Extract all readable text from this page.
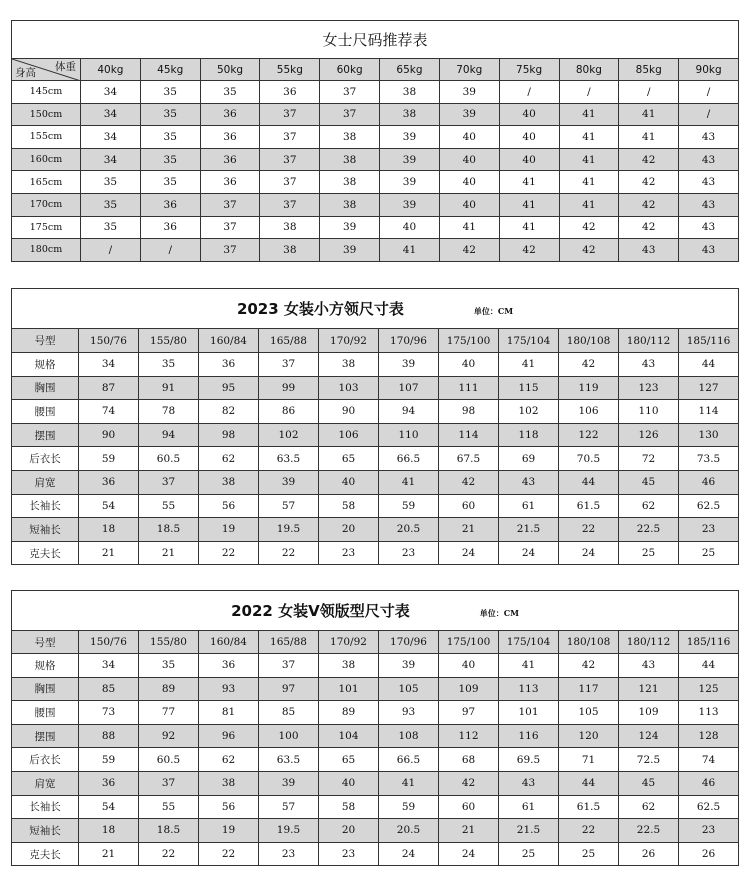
女士尺码推荐表											

体重
身高	40kg	45kg	50kg	55kg	60kg	65kg	70kg	75kg	80kg	85kg	90kg
145cm	34	35	35	36	37	38	39	/	/	/	/
150cm	34	35	36	37	37	38	39	40	41	41	/
155cm	34	35	36	37	38	39	40	40	41	41	43
160cm	34	35	36	37	38	39	40	40	41	42	43
165cm	35	35	36	37	38	39	40	41	41	42	43
170cm	35	36	37	37	38	39	40	41	41	42	43
175cm	35	36	37	38	39	40	41	41	42	42	43
180cm	/	/	37	38	39	41	42	42	42	43	43
2023 女装小方领尺寸表 单位：CM											
号型	150/76	155/80	160/84	165/88	170/92	170/96	175/100	175/104	180/108	180/112	185/116
规格	34	35	36	37	38	39	40	41	42	43	44
胸围	87	91	95	99	103	107	111	115	119	123	127
腰围	74	78	82	86	90	94	98	102	106	110	114
摆围	90	94	98	102	106	110	114	118	122	126	130
后衣长	59	60.5	62	63.5	65	66.5	67.5	69	70.5	72	73.5
肩宽	36	37	38	39	40	41	42	43	44	45	46
长袖长	54	55	56	57	58	59	60	61	61.5	62	62.5
短袖长	18	18.5	19	19.5	20	20.5	21	21.5	22	22.5	23
克夫长	21	21	22	22	23	23	24	24	24	25	25
2022 女装V领版型尺寸表 单位：CM											
号型	150/76	155/80	160/84	165/88	170/92	170/96	175/100	175/104	180/108	180/112	185/116
规格	34	35	36	37	38	39	40	41	42	43	44
胸围	85	89	93	97	101	105	109	113	117	121	125
腰围	73	77	81	85	89	93	97	101	105	109	113
摆围	88	92	96	100	104	108	112	116	120	124	128
后衣长	59	60.5	62	63.5	65	66.5	68	69.5	71	72.5	74
肩宽	36	37	38	39	40	41	42	43	44	45	46
长袖长	54	55	56	57	58	59	60	61	61.5	62	62.5
短袖长	18	18.5	19	19.5	20	20.5	21	21.5	22	22.5	23
克夫长	21	22	22	23	23	24	24	25	25	26	26
